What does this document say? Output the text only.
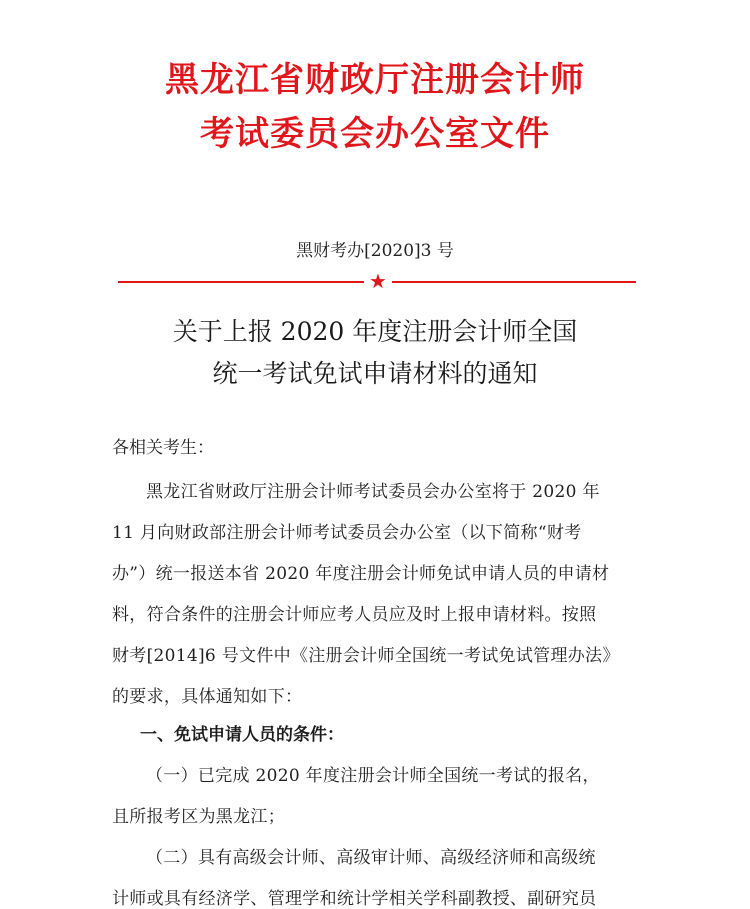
黑龙江省财政厅注册会计师
考试委员会办公室文件
黑财考办[2020]3 号
★
关于上报 2020 年度注册会计师全国
统一考试免试申请材料的通知
各相关考生：
黑龙江省财政厅注册会计师考试委员会办公室将于 2020 年
11 月向财政部注册会计师考试委员会办公室（以下简称“财考
办”）统一报送本省 2020 年度注册会计师免试申请人员的申请材
料，符合条件的注册会计师应考人员应及时上报申请材料。按照
财考[2014]6 号文件中《注册会计师全国统一考试免试管理办法》
的要求，具体通知如下：
一、免试申请人员的条件：
（一）已完成 2020 年度注册会计师全国统一考试的报名，
且所报考区为黑龙江；
（二）具有高级会计师、高级审计师、高级经济师和高级统
计师或具有经济学、管理学和统计学相关学科副教授、副研究员
